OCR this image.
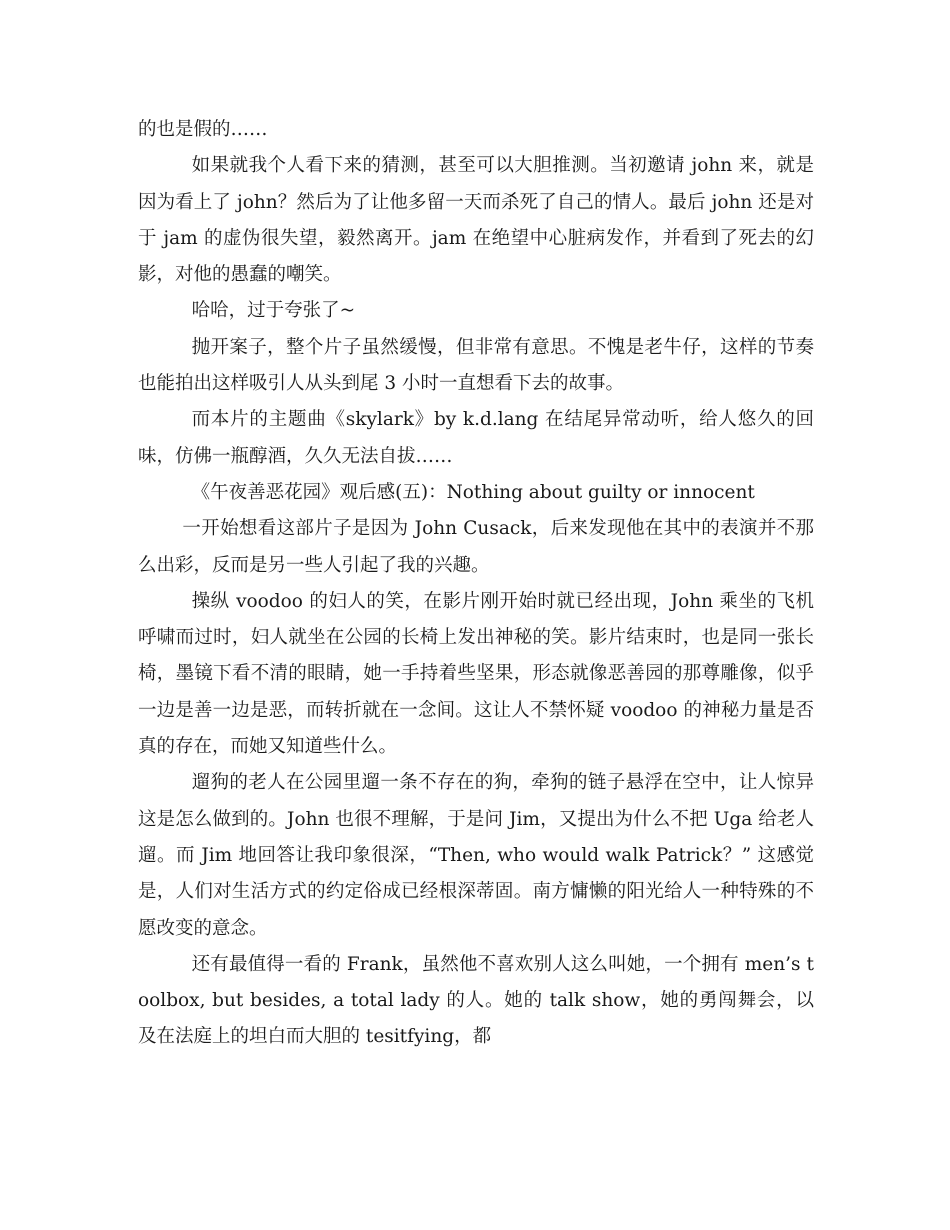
的也是假的……

如果就我个人看下来的猜测，甚至可以大胆推测。当初邀请 john 来，就是因为看上了 john？然后为了让他多留一天而杀死了自己的情人。最后 john 还是对于 jam 的虚伪很失望，毅然离开。jam 在绝望中心脏病发作，并看到了死去的幻影，对他的愚蠢的嘲笑。

哈哈，过于夸张了~

抛开案子，整个片子虽然缓慢，但非常有意思。不愧是老牛仔，这样的节奏也能拍出这样吸引人从头到尾 3 小时一直想看下去的故事。

而本片的主题曲《skylark》by k.d.lang 在结尾异常动听，给人悠久的回味，仿佛一瓶醇酒，久久无法自拔……

《午夜善恶花园》观后感(五)：Nothing about guilty or innocent

一开始想看这部片子是因为 John Cusack，后来发现他在其中的表演并不那么出彩，反而是另一些人引起了我的兴趣。

操纵 voodoo 的妇人的笑，在影片刚开始时就已经出现，John 乘坐的飞机呼啸而过时，妇人就坐在公园的长椅上发出神秘的笑。影片结束时，也是同一张长椅，墨镜下看不清的眼睛，她一手持着些坚果，形态就像恶善园的那尊雕像，似乎一边是善一边是恶，而转折就在一念间。这让人不禁怀疑 voodoo 的神秘力量是否真的存在，而她又知道些什么。

遛狗的老人在公园里遛一条不存在的狗，牵狗的链子悬浮在空中，让人惊异这是怎么做到的。John 也很不理解，于是问 Jim，又提出为什么不把 Uga 给老人遛。而 Jim 地回答让我印象很深，“Then, who would walk Patrick？” 这感觉是，人们对生活方式的约定俗成已经根深蒂固。南方慵懒的阳光给人一种特殊的不愿改变的意念。

还有最值得一看的 Frank，虽然他不喜欢别人这么叫她，一个拥有 men’s toolbox, but besides, a total lady 的人。她的 talk show，她的勇闯舞会，以及在法庭上的坦白而大胆的 tesitfying，都
